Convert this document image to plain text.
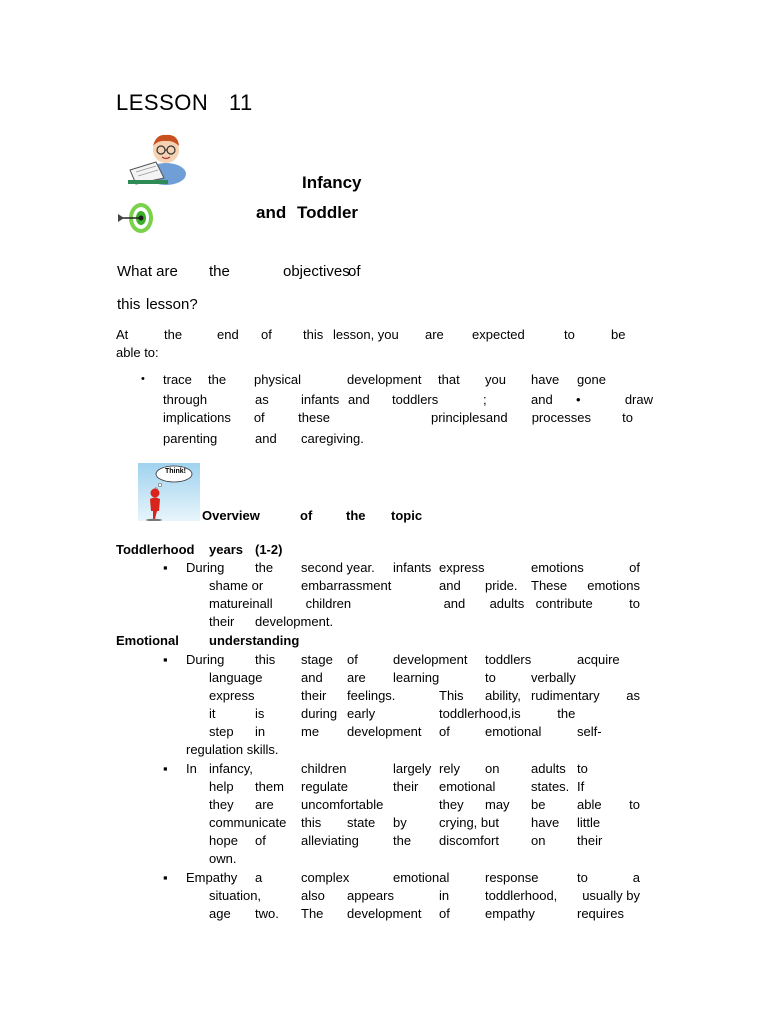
LESSON 11
Infancy
and Toddler
What are the	objectives
of
this lesson?
At	the	end	of	this	lesson, you	are	expected	to	be
able to:
• trace	the	physical	development	that	you	have	gone
through	as	infants	and	toddlers	;	and	•	draw
implications	of	these	principles	and	processes	to
parenting	and	caregiving.
Think!
Overview	of	the	topic
Toddlerhood	years	(1-2)
▪ During	the	second year.	infants	express	emotions	of
shame or	embarrassment	and	pride.	These	emotions
maturein	all	children	and	adults	contribute	to
their	development.
Emotional	understanding
▪ During	this	stage	of	development	toddlers	acquire
language	and	are	learning	to	verbally
express	their	feelings.	This	ability,	rudimentary	as
it	is	during	early	toddlerhood,	is	the
step	in	me	development	of	emotional	self-
regulation skills.
▪ In	infancy,	children	largely	rely	on	adults	to
help	them	regulate	their	emotional	states.	If
they	are	uncomfortable	they	may	be	able	to
communicate	this	state	by	crying, but	have	little
hope	of	alleviating	the	discomfort	on	their
own.
▪ Empathy	a	complex	emotional	response	to	a
situation,	also	appears	in	toddlerhood,	usually by
age	two.	The	development	of	empathy	requires
